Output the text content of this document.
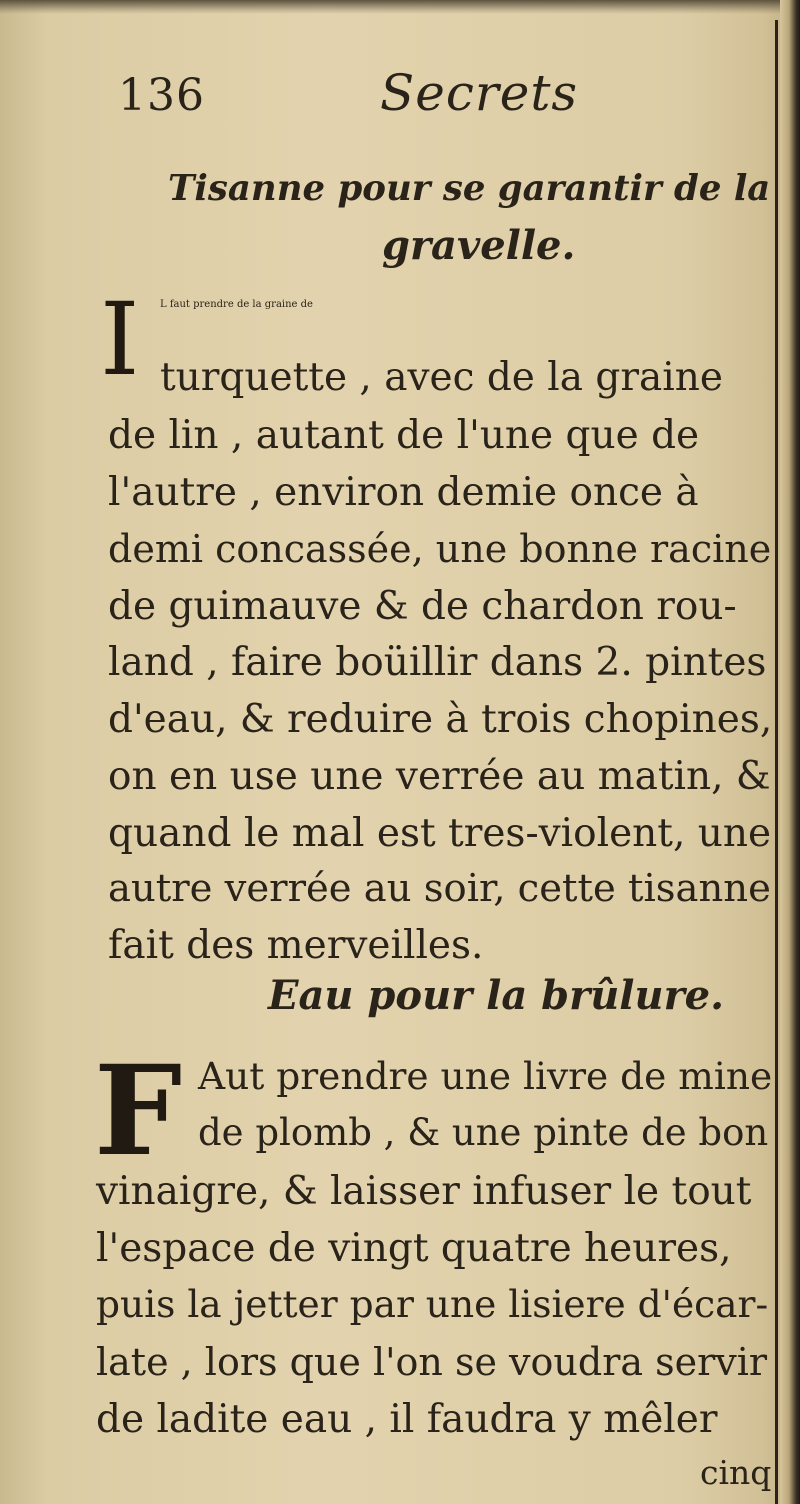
136	Secrets
Tisanne pour se garantir de la
gravelle.
I L faut prendre de la graine de
turquette , avec de la graine
de lin , autant de l'une que de
l'autre , environ demie once à
demi concassée, une bonne racine
de guimauve & de chardon rou-
land , faire boüillir dans 2. pintes
d'eau, & reduire à trois chopines,
on en use une verrée au matin, &
quand le mal est tres-violent, une
autre verrée au soir, cette tisanne
fait des merveilles.
Eau pour la brûlure.
F Aut prendre une livre de mine
de plomb , & une pinte de bon
vinaigre, & laisser infuser le tout
l'espace de vingt quatre heures,
puis la jetter par une lisiere d'écar-
late , lors que l'on se voudra servir
de ladite eau , il faudra y mêler
cinq
